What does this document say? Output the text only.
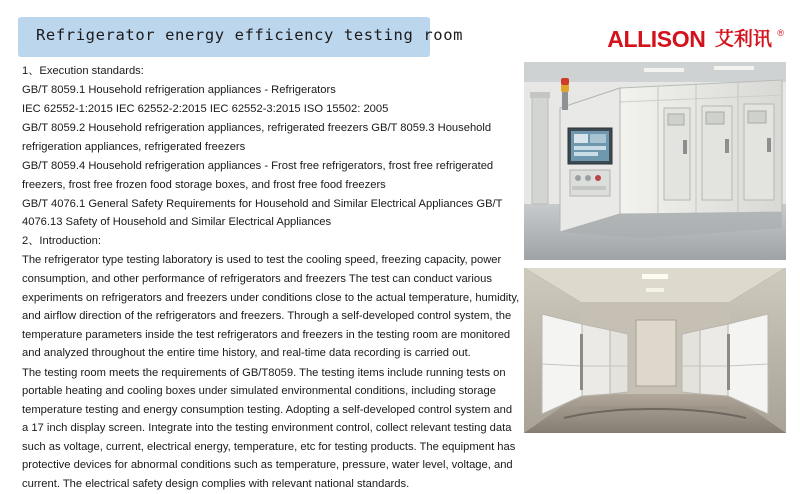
Refrigerator energy efficiency testing room	ALLISON 艾利讯 ®

1、Execution standards:

GB/T 8059.1 Household refrigeration appliances - Refrigerators

IEC 62552-1:2015 IEC 62552-2:2015 IEC 62552-3:2015 ISO 15502: 2005

GB/T 8059.2 Household refrigeration appliances, refrigerated freezers GB/T 8059.3 Household refrigeration appliances, refrigerated freezers

GB/T 8059.4 Household refrigeration appliances - Frost free refrigerators, frost free refrigerated freezers, frost free frozen food storage boxes, and frost free food freezers

GB/T 4076.1 General Safety Requirements for Household and Similar Electrical Appliances GB/T 4076.13 Safety of Household and Similar Electrical Appliances

2、Introduction:

The refrigerator type testing laboratory is used to test the cooling speed, freezing capacity, power consumption, and other performance of refrigerators and freezers The test can conduct various experiments on refrigerators and freezers under conditions close to the actual temperature, humidity, and airflow direction of the refrigerators and freezers. Through a self-developed control system, the temperature parameters inside the test refrigerators and freezers in the testing room are monitored and analyzed throughout the entire time history, and real-time data recording is carried out.

The testing room meets the requirements of GB/T8059. The testing items include running tests on portable heating and cooling boxes under simulated environmental conditions, including storage temperature testing and energy consumption testing. Adopting a self-developed control system and a 17 inch display screen. Integrate into the testing environment control, collect relevant testing data such as voltage, current, electrical energy, temperature, etc for testing products. The equipment has protective devices for abnormal conditions such as temperature, pressure, water level, voltage, and current. The electrical safety design complies with relevant national standards.
